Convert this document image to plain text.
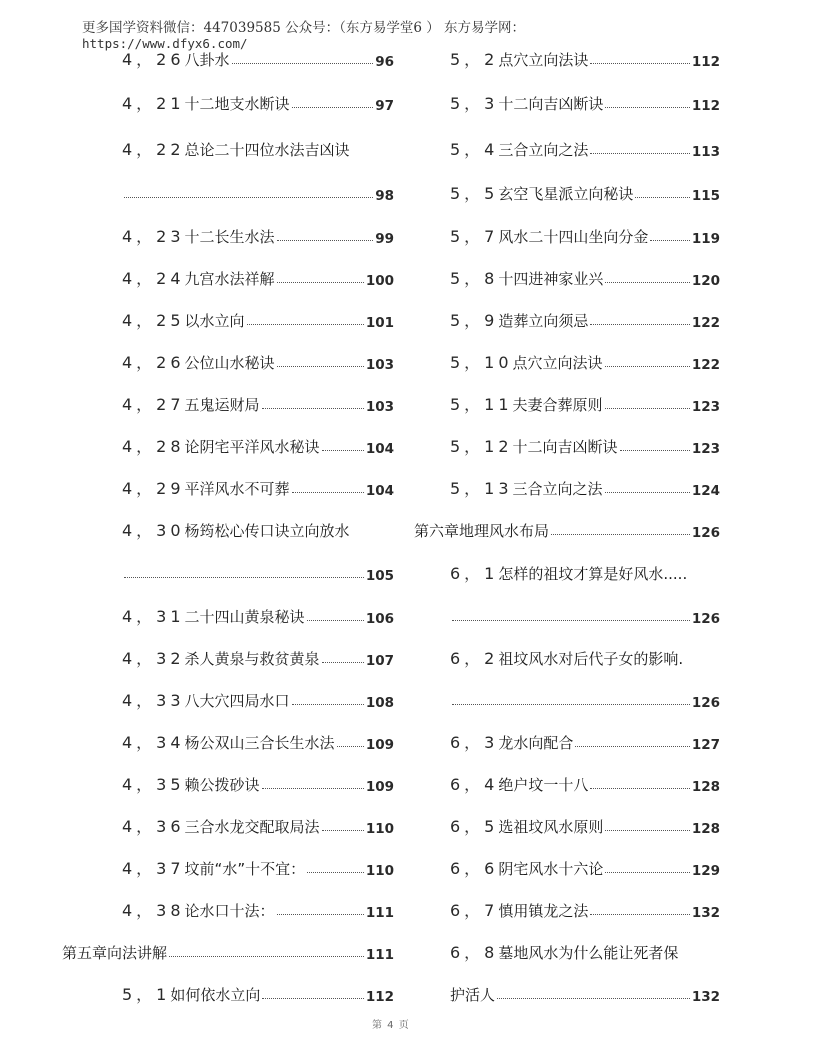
更多国学资料微信：447039585 公众号：（东方易学堂6 ） 东方易学网：
https://www.dfyx6.com/
4，26 八卦水	96
4，21 十二地支水断诀	97
4，22 总论二十四位水法吉凶诀
98
4，23 十二长生水法	99
4，24 九宫水法祥解	100
4，25 以水立向	101
4，26 公位山水秘诀	103
4，27 五鬼运财局	103
4，28 论阴宅平洋风水秘诀	104
4，29 平洋风水不可葬	104
4，30 杨筠松心传口诀立向放水
105
4，31 二十四山黄泉秘诀	106
4，32 杀人黄泉与救贫黄泉	107
4，33 八大穴四局水口	108
4，34 杨公双山三合长生水法 109
4，35 赖公拨砂诀	109
4，36 三合水龙交配取局法	110
4，37 坟前“水”十不宜：	110
4，38 论水口十法：	111
第五章向法讲解	111
5，1 如何依水立向	112
5，2 点穴立向法诀	112
5，3 十二向吉凶断诀	112
5，4 三合立向之法	113
5，5 玄空飞星派立向秘诀	115
5，7 风水二十四山坐向分金	119
5，8 十四进神家业兴	120
5，9 造葬立向须忌	122
5，10 点穴立向法诀	122
5，11 夫妻合葬原则	123
5，12 十二向吉凶断诀	123
5，13 三合立向之法	124
第六章地理风水布局	126
6，1 怎样的祖坟才算是好风水.....
126
6，2 祖坟风水对后代子女的影响.
126
6，3 龙水向配合	127
6，4 绝户坟一十八	128
6，5 选祖坟风水原则	128
6，6 阴宅风水十六论	129
6，7 慎用镇龙之法	132
6，8 墓地风水为什么能让死者保
护活人	132
第 4 页
